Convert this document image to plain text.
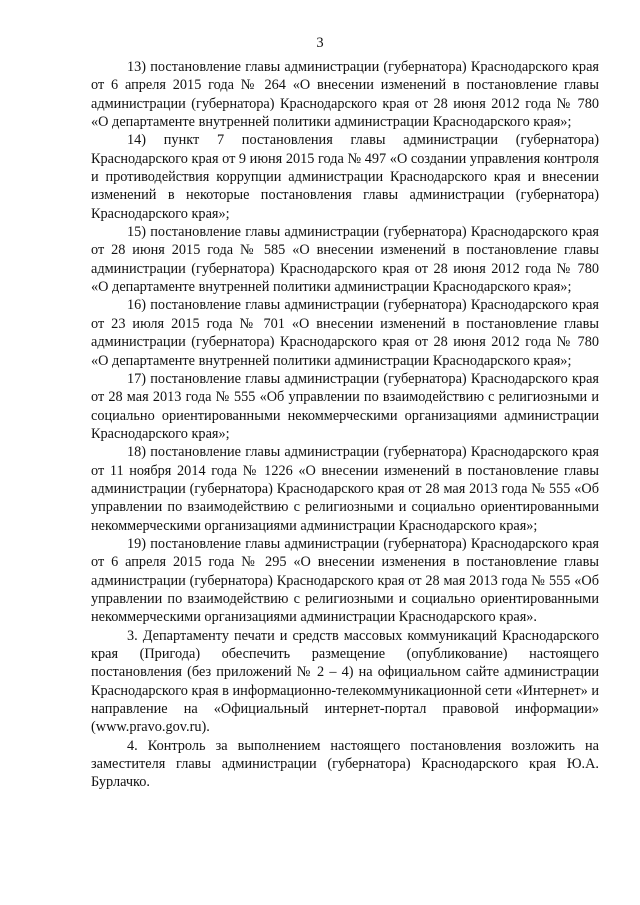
3

13) постановление главы администрации (губернатора) Краснодарского края от 6 апреля 2015 года № 264 «О внесении изменений в постановление главы администрации (губернатора) Краснодарского края от 28 июня 2012 года № 780 «О департаменте внутренней политики администрации Краснодарского края»;

14) пункт 7 постановления главы администрации (губернатора) Краснодарского края от 9 июня 2015 года № 497 «О создании управления контроля и противодействия коррупции администрации Краснодарского края и внесении изменений в некоторые постановления главы администрации (губернатора) Краснодарского края»;

15) постановление главы администрации (губернатора) Краснодарского края от 28 июня 2015 года № 585 «О внесении изменений в постановление главы администрации (губернатора) Краснодарского края от 28 июня 2012 года № 780 «О департаменте внутренней политики администрации Краснодарского края»;

16) постановление главы администрации (губернатора) Краснодарского края от 23 июля 2015 года № 701 «О внесении изменений в постановление главы администрации (губернатора) Краснодарского края от 28 июня 2012 года № 780 «О департаменте внутренней политики администрации Краснодарского края»;

17) постановление главы администрации (губернатора) Краснодарского края от 28 мая 2013 года № 555 «Об управлении по взаимодействию с религиозными и социально ориентированными некоммерческими организациями администрации Краснодарского края»;

18) постановление главы администрации (губернатора) Краснодарского края от 11 ноября 2014 года № 1226 «О внесении изменений в постановление главы администрации (губернатора) Краснодарского края от 28 мая 2013 года № 555 «Об управлении по взаимодействию с религиозными и социально ориентированными некоммерческими организациями администрации Краснодарского края»;

19) постановление главы администрации (губернатора) Краснодарского края от 6 апреля 2015 года № 295 «О внесении изменения в постановление главы администрации (губернатора) Краснодарского края от 28 мая 2013 года № 555 «Об управлении по взаимодействию с религиозными и социально ориентированными некоммерческими организациями администрации Краснодарского края».

3. Департаменту печати и средств массовых коммуникаций Краснодарского края (Пригода) обеспечить размещение (опубликование) настоящего постановления (без приложений № 2 – 4) на официальном сайте администрации Краснодарского края в информационно-телекоммуникационной сети «Интернет» и направление на «Официальный интернет-портал правовой информации» (www.pravo.gov.ru).

4. Контроль за выполнением настоящего постановления возложить на заместителя главы администрации (губернатора) Краснодарского края Ю.А. Бурлачко.
